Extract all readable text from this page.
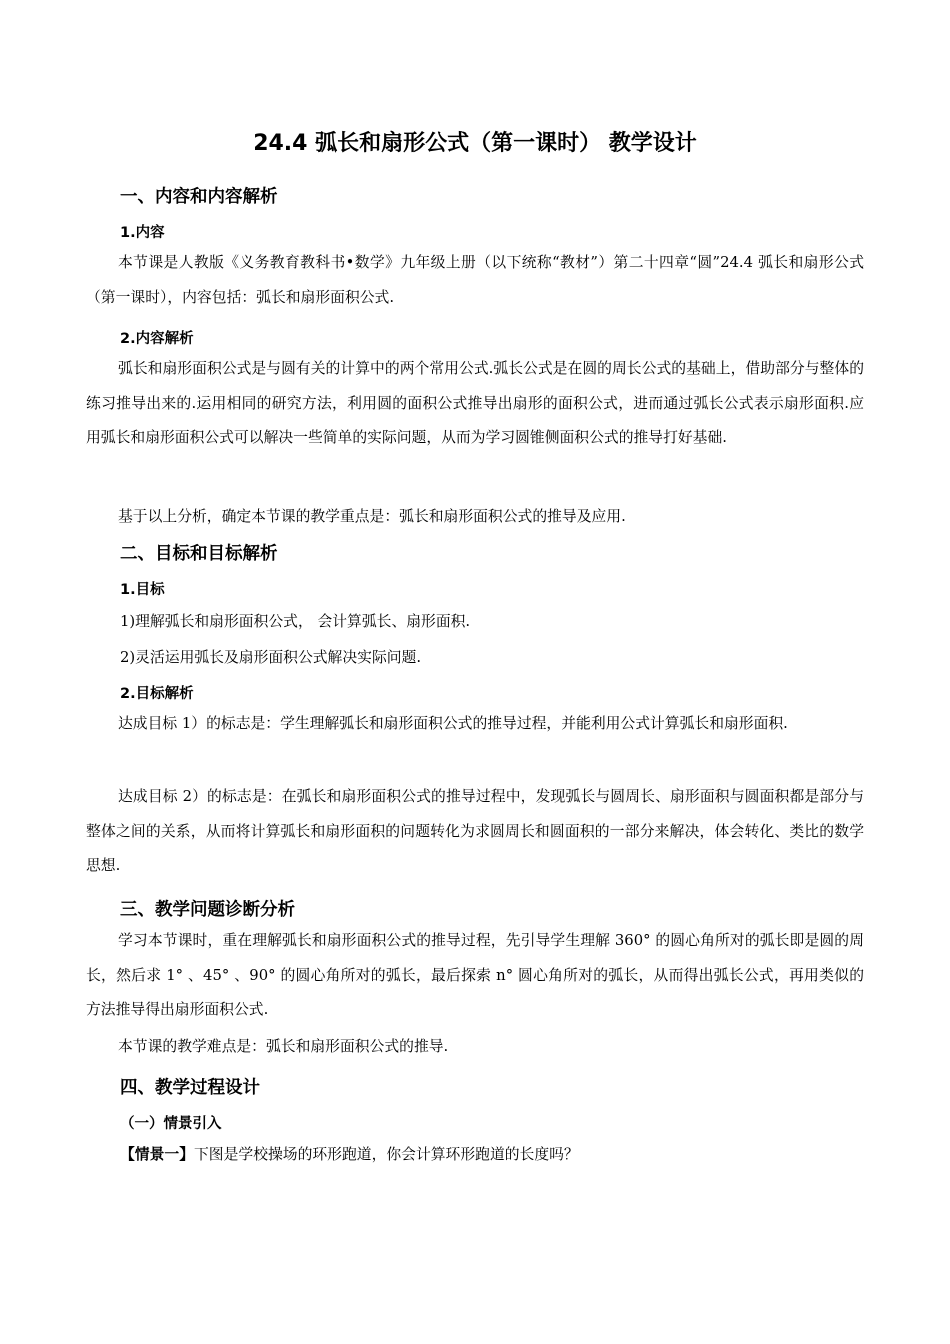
24.4 弧长和扇形公式（第一课时） 教学设计
一、内容和内容解析
1.内容
本节课是人教版《义务教育教科书•数学》九年级上册（以下统称“教材”）第二十四章“圆”24.4 弧长和扇形公式（第一课时），内容包括：弧长和扇形面积公式.
2.内容解析
弧长和扇形面积公式是与圆有关的计算中的两个常用公式.弧长公式是在圆的周长公式的基础上，借助部分与整体的练习推导出来的.运用相同的研究方法，利用圆的面积公式推导出扇形的面积公式，进而通过弧长公式表示扇形面积.应用弧长和扇形面积公式可以解决一些简单的实际问题，从而为学习圆锥侧面积公式的推导打好基础.
基于以上分析，确定本节课的教学重点是：弧长和扇形面积公式的推导及应用.
二、目标和目标解析
1.目标
1)理解弧长和扇形面积公式， 会计算弧长、扇形面积.
2)灵活运用弧长及扇形面积公式解决实际问题.
2.目标解析
达成目标 1）的标志是：学生理解弧长和扇形面积公式的推导过程，并能利用公式计算弧长和扇形面积.
达成目标 2）的标志是：在弧长和扇形面积公式的推导过程中，发现弧长与圆周长、扇形面积与圆面积都是部分与整体之间的关系，从而将计算弧长和扇形面积的问题转化为求圆周长和圆面积的一部分来解决，体会转化、类比的数学思想.
三、教学问题诊断分析
学习本节课时，重在理解弧长和扇形面积公式的推导过程，先引导学生理解 360° 的圆心角所对的弧长即是圆的周长，然后求 1° 、45° 、90° 的圆心角所对的弧长，最后探索 n° 圆心角所对的弧长，从而得出弧长公式，再用类似的方法推导得出扇形面积公式.
本节课的教学难点是：弧长和扇形面积公式的推导.
四、教学过程设计
（一）情景引入
【情景一】下图是学校操场的环形跑道，你会计算环形跑道的长度吗？
